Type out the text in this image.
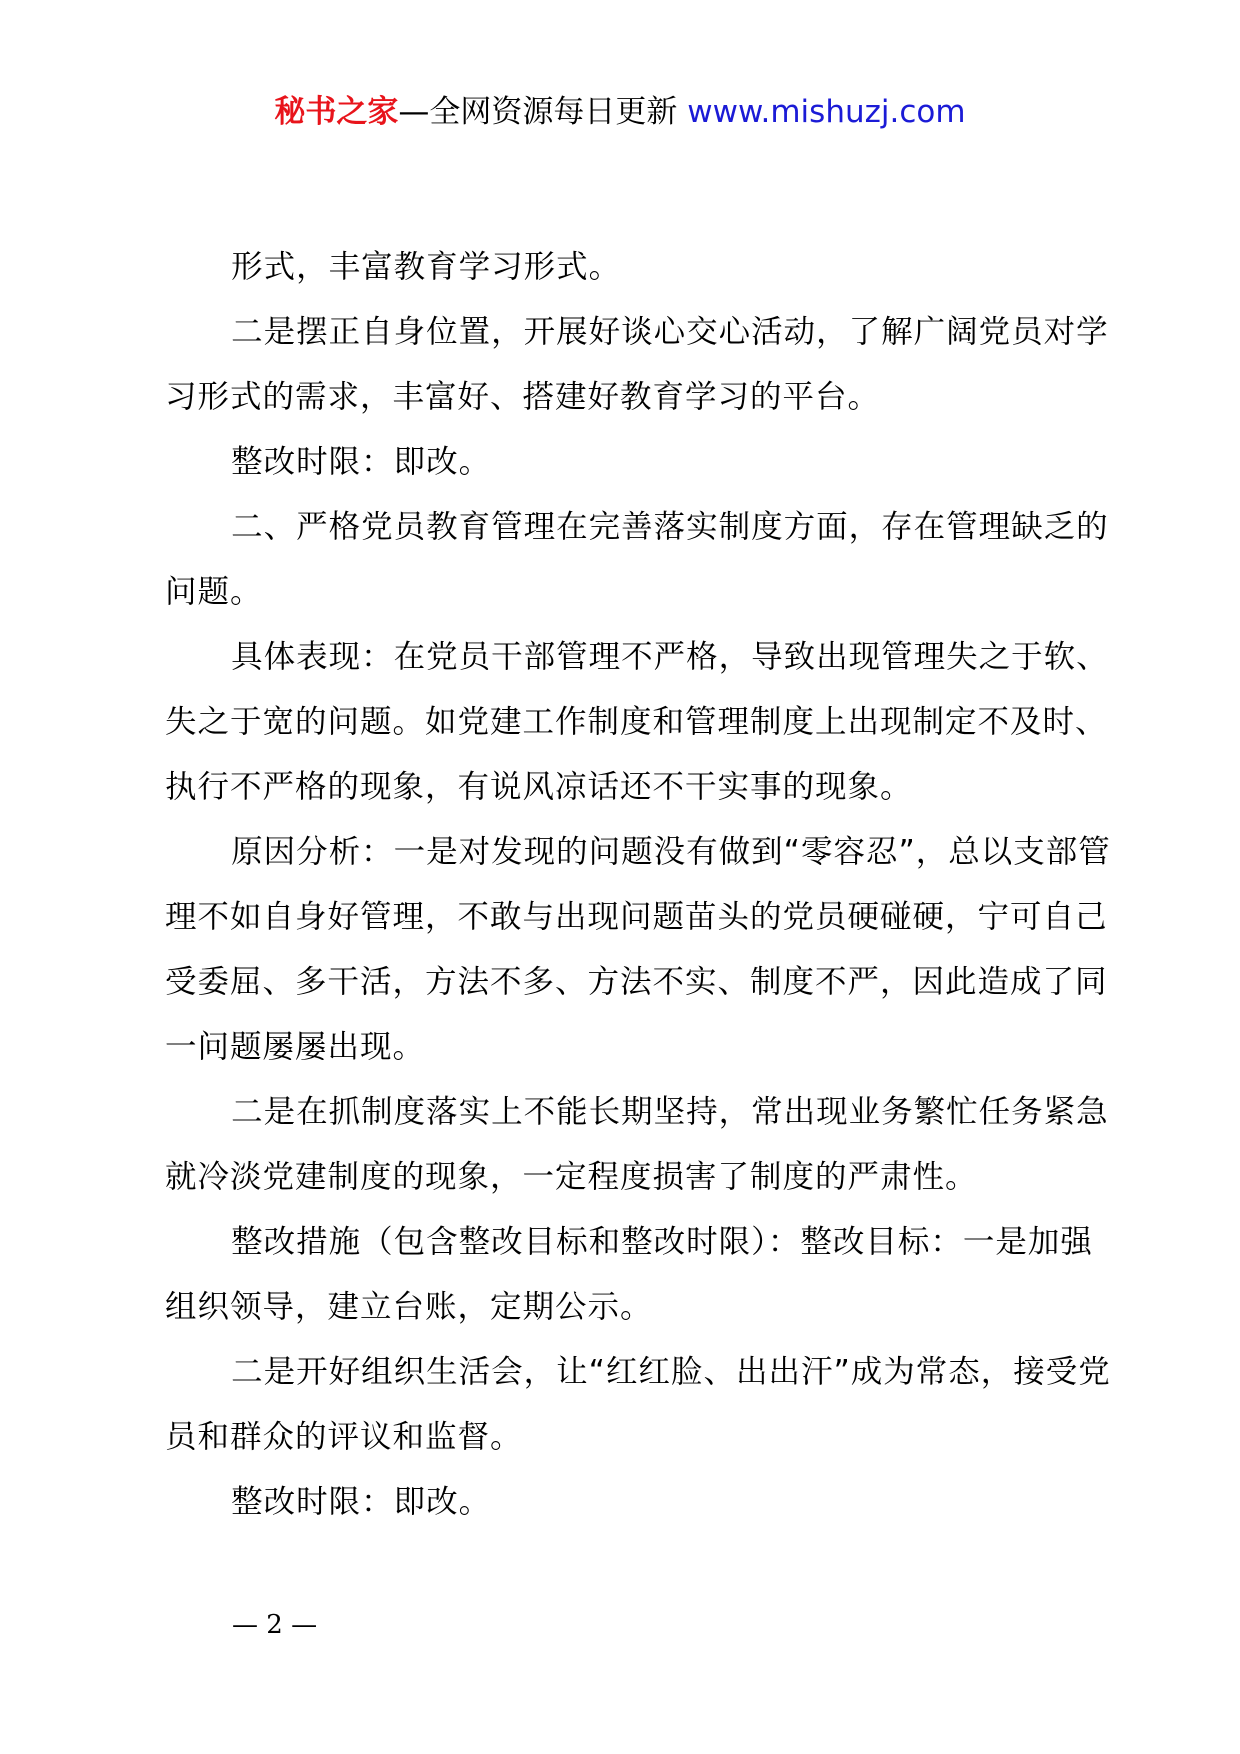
秘书之家—全网资源每日更新 www.mishuzj.com

形式，丰富教育学习形式。

二是摆正自身位置，开展好谈心交心活动，了解广阔党员对学习形式的需求，丰富好、搭建好教育学习的平台。

整改时限：即改。

二、严格党员教育管理在完善落实制度方面，存在管理缺乏的问题。

具体表现：在党员干部管理不严格，导致出现管理失之于软、失之于宽的问题。如党建工作制度和管理制度上出现制定不及时、执行不严格的现象，有说风凉话还不干实事的现象。

原因分析：一是对发现的问题没有做到“零容忍”，总以支部管理不如自身好管理，不敢与出现问题苗头的党员硬碰硬，宁可自己受委屈、多干活，方法不多、方法不实、制度不严，因此造成了同一问题屡屡出现。

二是在抓制度落实上不能长期坚持，常出现业务繁忙任务紧急就冷淡党建制度的现象，一定程度损害了制度的严肃性。

整改措施（包含整改目标和整改时限）：整改目标：一是加强组织领导，建立台账，定期公示。

二是开好组织生活会，让“红红脸、出出汗”成为常态，接受党员和群众的评议和监督。

整改时限：即改。

— 2 —
